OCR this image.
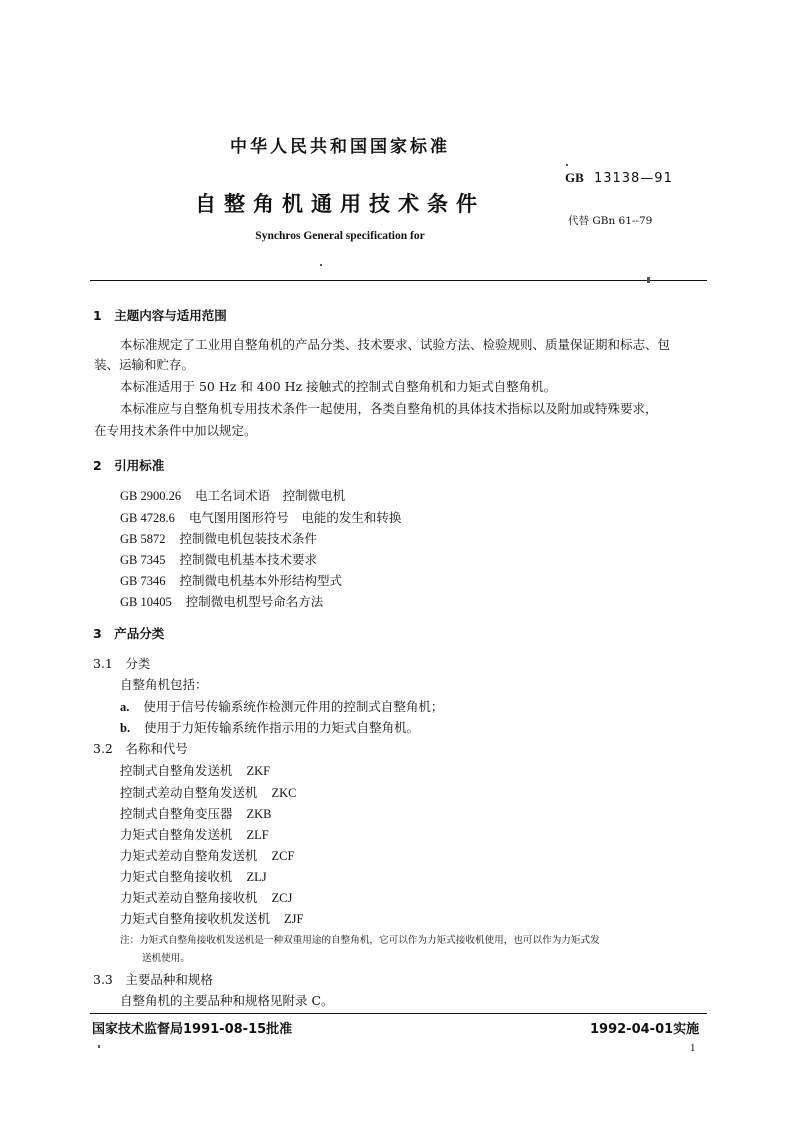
中华人民共和国国家标准
GB 13138—91
自整角机通用技术条件
代替 GBn 61--79
Synchros General specification for
1　主题内容与适用范围
本标准规定了工业用自整角机的产品分类、技术要求、试验方法、检验规则、质量保证期和标志、包
装、运输和贮存。
本标准适用于 50 Hz 和 400 Hz 接触式的控制式自整角机和力矩式自整角机。
本标准应与自整角机专用技术条件一起使用，各类自整角机的具体技术指标以及附加或特殊要求，
在专用技术条件中加以规定。
2　引用标准
GB 2900.26 电工名词术语　控制微电机
GB 4728.6 电气图用图形符号　电能的发生和转换
GB 5872 控制微电机包装技术条件
GB 7345 控制微电机基本技术要求
GB 7346 控制微电机基本外形结构型式
GB 10405 控制微电机型号命名方法
3　产品分类
3.1　分类
自整角机包括：
a. 使用于信号传输系统作检测元件用的控制式自整角机；
b. 使用于力矩传输系统作指示用的力矩式自整角机。
3.2　名称和代号
控制式自整角发送机 ZKF
控制式差动自整角发送机 ZKC
控制式自整角变压器 ZKB
力矩式自整角发送机 ZLF
力矩式差动自整角发送机 ZCF
力矩式自整角接收机 ZLJ
力矩式差动自整角接收机 ZCJ
力矩式自整角接收机发送机 ZJF
注：力矩式自整角接收机发送机是一种双重用途的自整角机，它可以作为力矩式接收机使用，也可以作为力矩式发
送机使用。
3.3　主要品种和规格
自整角机的主要品种和规格见附录 C。
国家技术监督局1991-08-15批准	1992-04-01实施
1
